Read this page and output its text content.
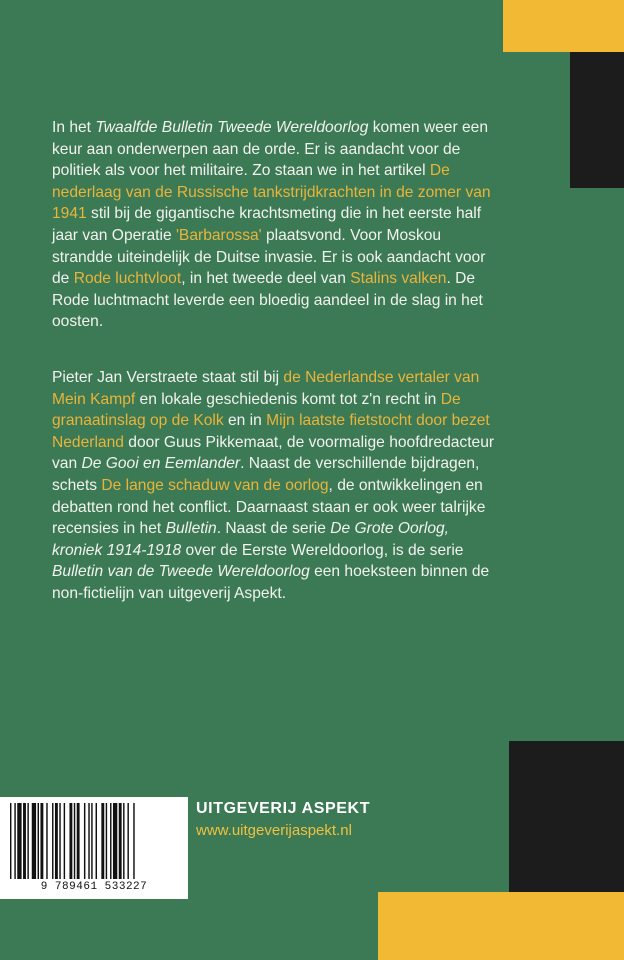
In het Twaalfde Bulletin Tweede Wereldoorlog komen weer een keur aan onderwerpen aan de orde. Er is aandacht voor de politiek als voor het militaire. Zo staan we in het artikel De nederlaag van de Russische tankstrijdkrachten in de zomer van 1941 stil bij de gigantische krachtsmeting die in het eerste half jaar van Operatie 'Barbarossa' plaatsvond. Voor Moskou strandde uiteindelijk de Duitse invasie. Er is ook aandacht voor de Rode luchtvloot, in het tweede deel van Stalins valken. De Rode luchtmacht leverde een bloedig aandeel in de slag in het oosten.

Pieter Jan Verstraete staat stil bij de Nederlandse vertaler van Mein Kampf en lokale geschiedenis komt tot z'n recht in De granaatinslag op de Kolk en in Mijn laatste fietstocht door bezet Nederland door Guus Pikkemaat, de voormalige hoofdredacteur van De Gooi en Eemlander. Naast de verschillende bijdragen, schets De lange schaduw van de oorlog, de ontwikkelingen en debatten rond het conflict. Daarnaast staan er ook weer talrijke recensies in het Bulletin. Naast de serie De Grote Oorlog, kroniek 1914-1918 over de Eerste Wereldoorlog, is de serie Bulletin van de Tweede Wereldoorlog een hoeksteen binnen de non-fictielijn van uitgeverij Aspekt.

9 789461 533227
UITGEVERIJ ASPEKT
www.uitgeverijaspekt.nl
